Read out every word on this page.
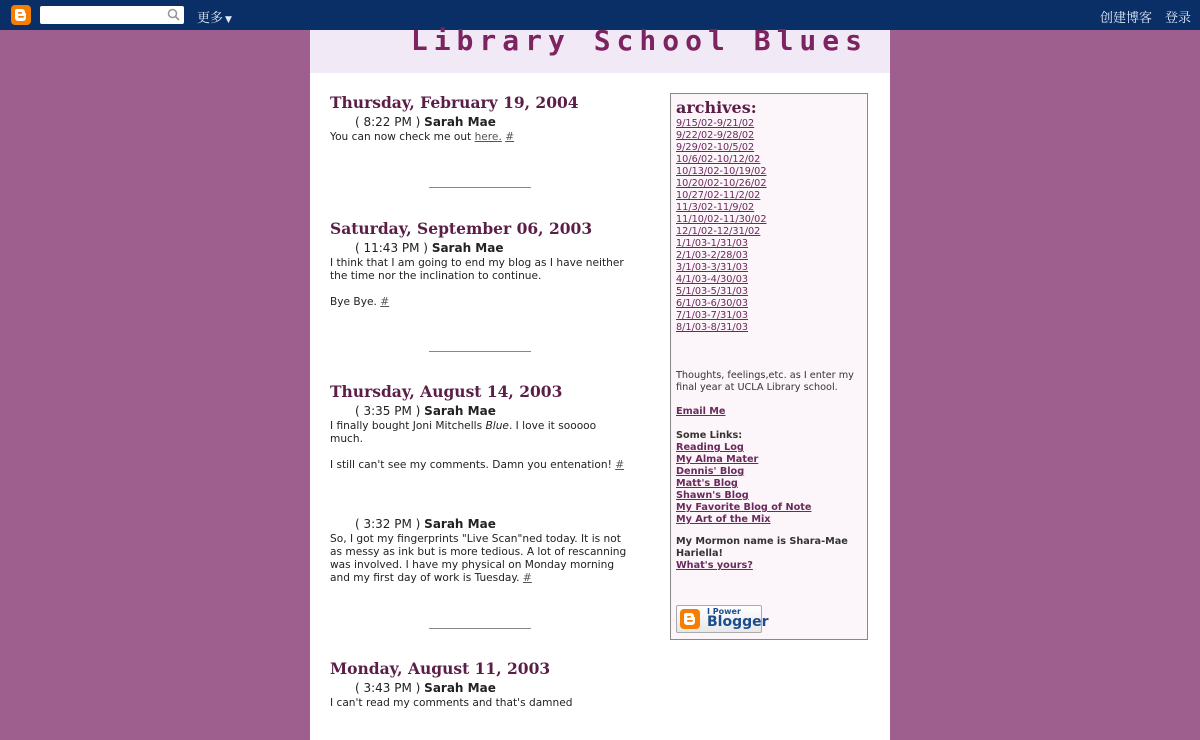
更多 ▼	创建博客 登录
Library School Blues
Thursday, February 19, 2004
( 8:22 PM ) Sarah Mae
You can now check me out here. #
Saturday, September 06, 2003
( 11:43 PM ) Sarah Mae

I think that I am going to end my blog as I have neither the time nor the inclination to continue.

Bye Bye. #

Thursday, August 14, 2003
( 3:35 PM ) Sarah Mae

I finally bought Joni Mitchells Blue. I love it sooooo much.

I still can't see my comments. Damn you entenation! #

( 3:32 PM ) Sarah Mae
So, I got my fingerprints "Live Scan"ned today. It is not as messy as ink but is more tedious. A lot of rescanning was involved. I have my physical on Monday morning and my first day of work is Tuesday. #
Monday, August 11, 2003
( 3:43 PM ) Sarah Mae
I can't read my comments and that's damned
archives:
9/15/02-9/21/02
9/22/02-9/28/02
9/29/02-10/5/02
10/6/02-10/12/02
10/13/02-10/19/02
10/20/02-10/26/02
10/27/02-11/2/02
11/3/02-11/9/02
11/10/02-11/30/02
12/1/02-12/31/02
1/1/03-1/31/03
2/1/03-2/28/03
3/1/03-3/31/03
4/1/03-4/30/03
5/1/03-5/31/03
6/1/03-6/30/03
7/1/03-7/31/03
8/1/03-8/31/03
Thoughts, feelings,etc. as I enter my final year at UCLA Library school.
Email Me
Some Links:
Reading Log
My Alma Mater
Dennis' Blog
Matt's Blog
Shawn's Blog
My Favorite Blog of Note
My Art of the Mix
My Mormon name is Shara-Mae Hariella!
What's yours?
I Power
Blogger
